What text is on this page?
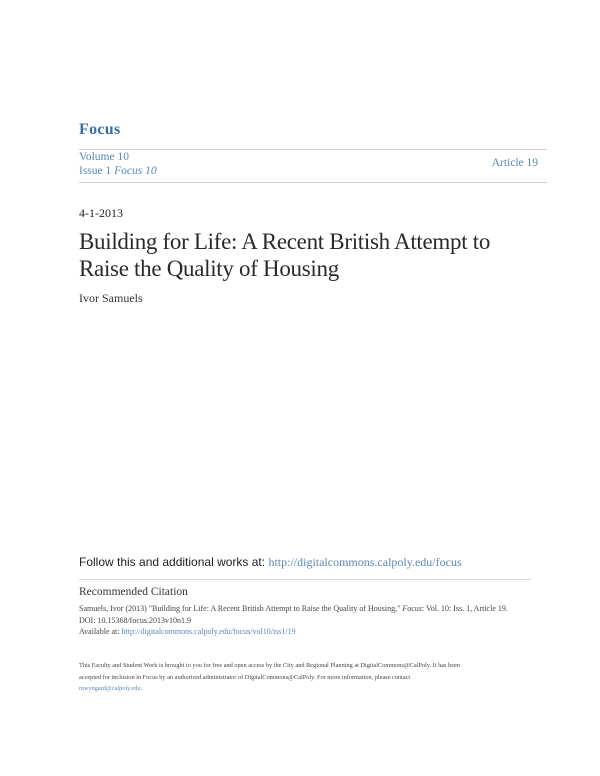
Focus
Volume 10
Issue 1 Focus 10
Article 19
4-1-2013
Building for Life: A Recent British Attempt to Raise the Quality of Housing
Ivor Samuels
Follow this and additional works at: http://digitalcommons.calpoly.edu/focus
Recommended Citation
Samuels, Ivor (2013) "Building for Life: A Recent British Attempt to Raise the Quality of Housing," Focus: Vol. 10: Iss. 1, Article 19.
DOI: 10.15368/focus.2013v10n1.9
Available at: http://digitalcommons.calpoly.edu/focus/vol10/iss1/19
This Faculty and Student Work is brought to you for free and open access by the City and Regional Planning at DigitalCommons@CalPoly. It has been
accepted for inclusion in Focus by an authorized administrator of DigitalCommons@CalPoly. For more information, please contact
mwyngard@calpoly.edu.
